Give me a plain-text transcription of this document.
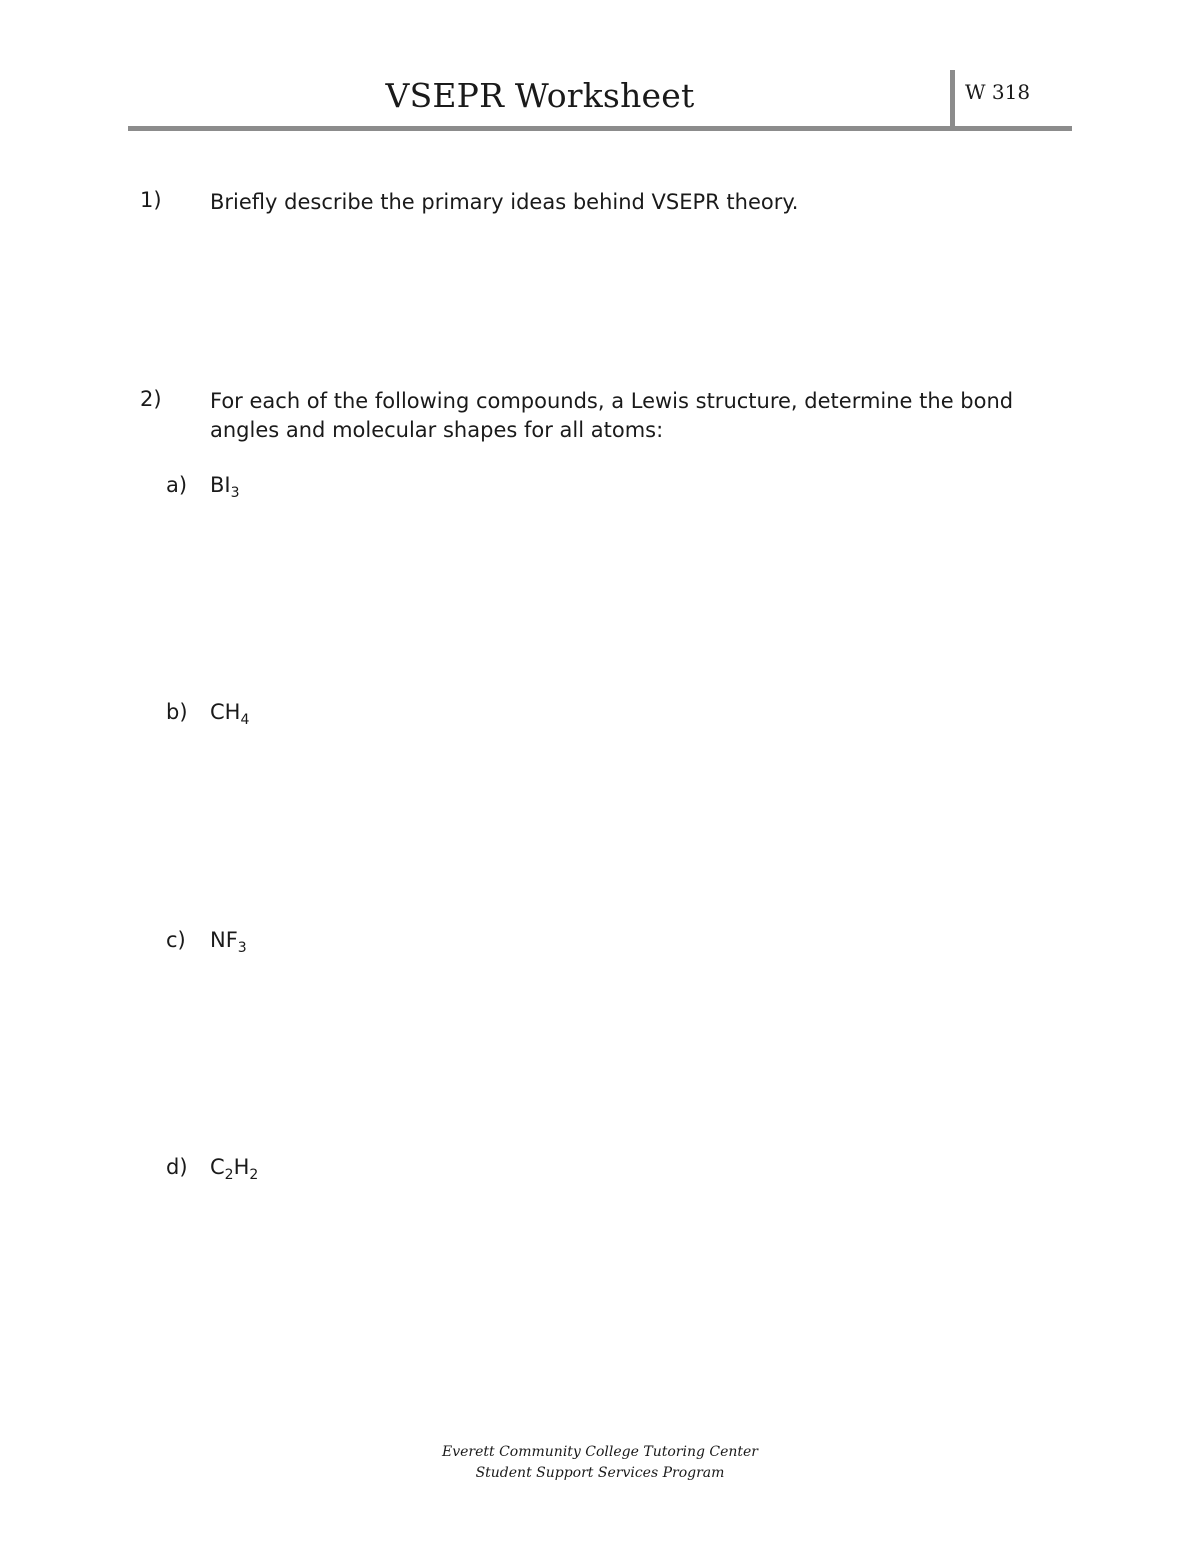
VSEPR Worksheet	W 318
1) Briefly describe the primary ideas behind VSEPR theory.
2) For each of the following compounds, a Lewis structure, determine the bond angles and molecular shapes for all atoms:
a) $BI_3$
b) $CH_4$
c) $NF_3$
d) $C_2H_2$
Everett Community College Tutoring Center
Student Support Services Program
